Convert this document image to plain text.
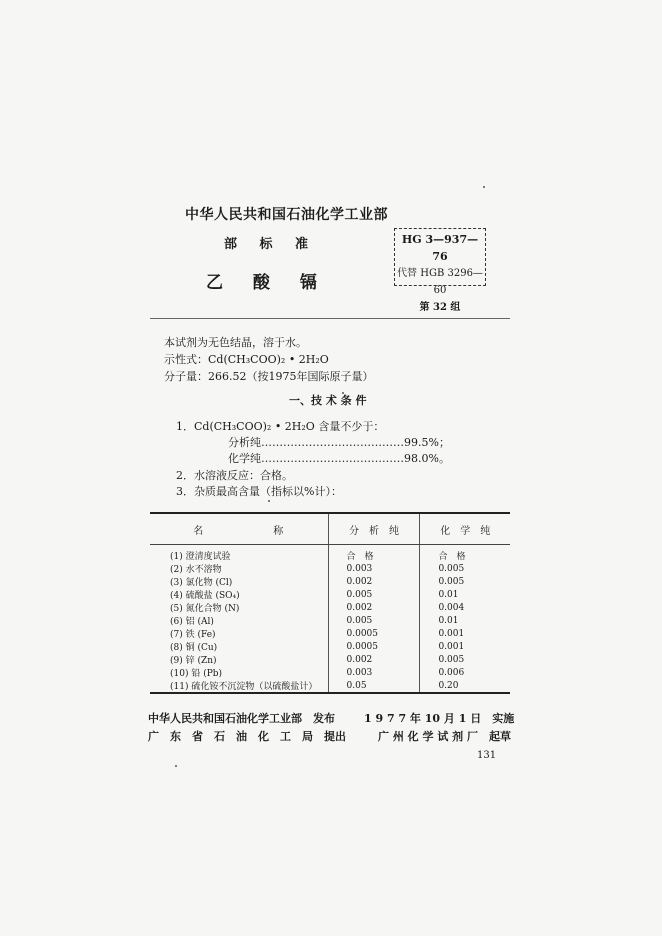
中华人民共和国石油化学工业部
部 标 准
乙 酸 镉
HG 3—937—76
代替 HGB 3296—60
第 32 组
本试剂为无色结晶，溶于水。
示性式：Cd(CH₃COO)₂ • 2H₂O
分子量：266.52（按1975年国际原子量）
一、技 术 条 件
1．Cd(CH₃COO)₂ • 2H₂O 含量不少于：
分析纯…………………………………99.5%；
化学纯…………………………………98.0%。
2．水溶液反应：合格。
3．杂质最高含量（指标以%计）：
名　　　　　　　称	分　析　纯	化　学　纯
(1) 澄清度试验	合　格	合　格
(2) 水不溶物	0.003	0.005
(3) 氯化物 (Cl)	0.002	0.005
(4) 硫酸盐 (SO₄)	0.005	0.01
(5) 氮化合物 (N)	0.002	0.004
(6) 铝 (Al)	0.005	0.01
(7) 铁 (Fe)	0.0005	0.001
(8) 铜 (Cu)	0.0005	0.001
(9) 锌 (Zn)	0.002	0.005
(10) 铅 (Pb)	0.003	0.006
(11) 硫化铵不沉淀物（以硫酸盐计）	0.05	0.20
中华人民共和国石油化学工业部　发布
广　东　省　石　油　化　工　局　提出
1 9 7 7 年 10 月 1 日　实施
广 州 化 学 试 剂 厂　起草
131
